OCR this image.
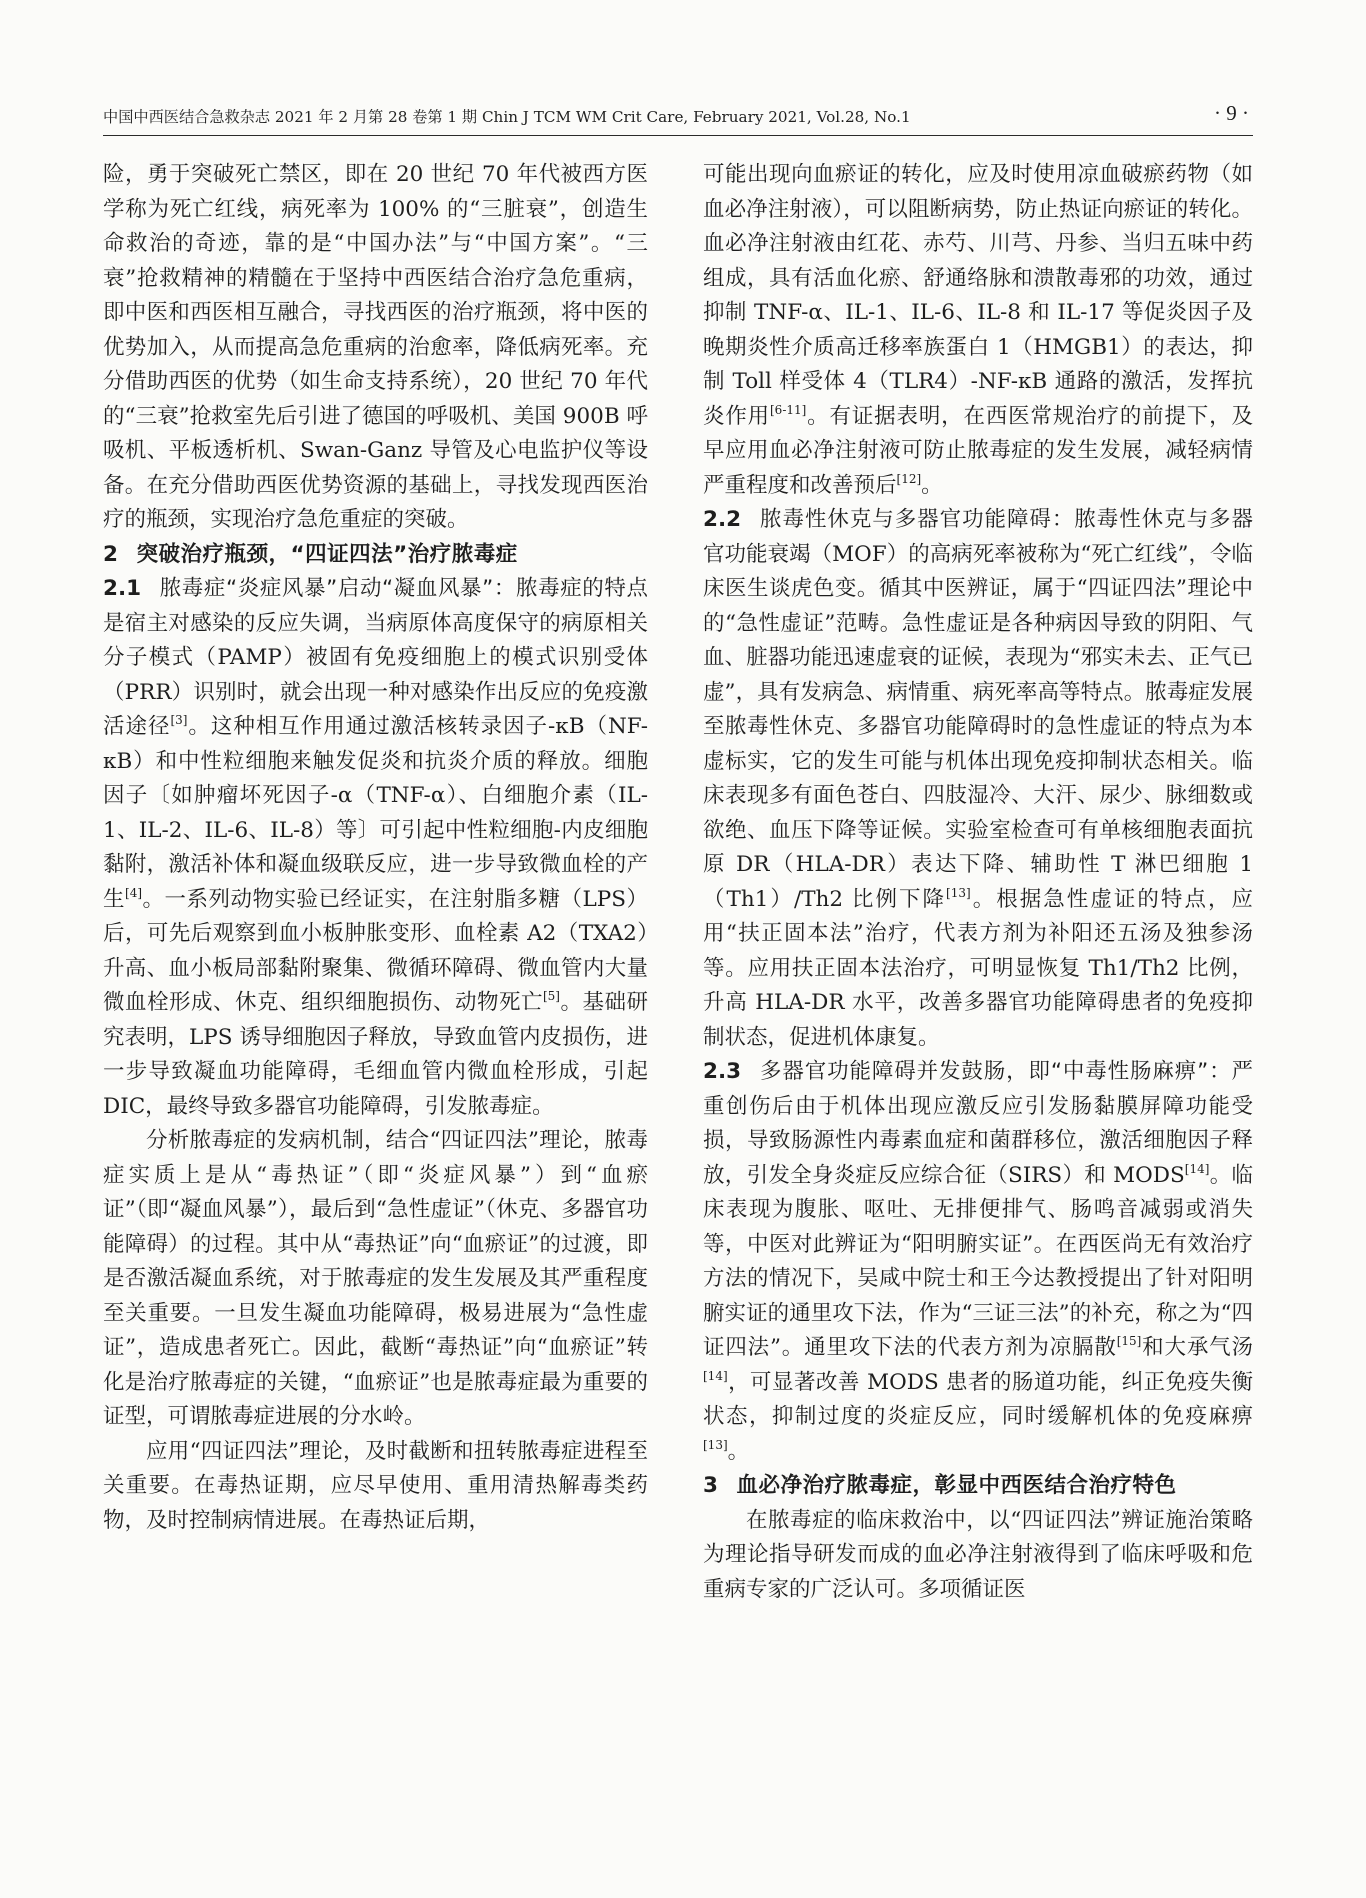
中国中西医结合急救杂志 2021 年 2 月第 28 卷第 1 期 Chin J TCM WM Crit Care, February 2021, Vol.28, No.1	· 9 ·

险，勇于突破死亡禁区，即在 20 世纪 70 年代被西方医学称为死亡红线，病死率为 100% 的“三脏衰”，创造生命救治的奇迹，靠的是“中国办法”与“中国方案”。“三衰”抢救精神的精髓在于坚持中西医结合治疗急危重病，即中医和西医相互融合，寻找西医的治疗瓶颈，将中医的优势加入，从而提高急危重病的治愈率，降低病死率。充分借助西医的优势（如生命支持系统），20 世纪 70 年代的“三衰”抢救室先后引进了德国的呼吸机、美国 900B 呼吸机、平板透析机、Swan-Ganz 导管及心电监护仪等设备。在充分借助西医优势资源的基础上，寻找发现西医治疗的瓶颈，实现治疗急危重症的突破。

2 突破治疗瓶颈，“四证四法”治疗脓毒症

2.1 脓毒症“炎症风暴”启动“凝血风暴”：脓毒症的特点是宿主对感染的反应失调，当病原体高度保守的病原相关分子模式（PAMP）被固有免疫细胞上的模式识别受体（PRR）识别时，就会出现一种对感染作出反应的免疫激活途径[3]。这种相互作用通过激活核转录因子-κB（NF-κB）和中性粒细胞来触发促炎和抗炎介质的释放。细胞因子〔如肿瘤坏死因子-α（TNF-α）、白细胞介素（IL-1、IL-2、IL-6、IL-8）等〕可引起中性粒细胞-内皮细胞黏附，激活补体和凝血级联反应，进一步导致微血栓的产生[4]。一系列动物实验已经证实，在注射脂多糖（LPS）后，可先后观察到血小板肿胀变形、血栓素 A2（TXA2）升高、血小板局部黏附聚集、微循环障碍、微血管内大量微血栓形成、休克、组织细胞损伤、动物死亡[5]。基础研究表明，LPS 诱导细胞因子释放，导致血管内皮损伤，进一步导致凝血功能障碍，毛细血管内微血栓形成，引起 DIC，最终导致多器官功能障碍，引发脓毒症。

分析脓毒症的发病机制，结合“四证四法”理论，脓毒症实质上是从“毒热证”（即“炎症风暴”）到“血瘀证”（即“凝血风暴”），最后到“急性虚证”（休克、多器官功能障碍）的过程。其中从“毒热证”向“血瘀证”的过渡，即是否激活凝血系统，对于脓毒症的发生发展及其严重程度至关重要。一旦发生凝血功能障碍，极易进展为“急性虚证”，造成患者死亡。因此，截断“毒热证”向“血瘀证”转化是治疗脓毒症的关键，“血瘀证”也是脓毒症最为重要的证型，可谓脓毒症进展的分水岭。

应用“四证四法”理论，及时截断和扭转脓毒症进程至关重要。在毒热证期，应尽早使用、重用清热解毒类药物，及时控制病情进展。在毒热证后期，

可能出现向血瘀证的转化，应及时使用凉血破瘀药物（如血必净注射液），可以阻断病势，防止热证向瘀证的转化。血必净注射液由红花、赤芍、川芎、丹参、当归五味中药组成，具有活血化瘀、舒通络脉和溃散毒邪的功效，通过抑制 TNF-α、IL-1、IL-6、IL-8 和 IL-17 等促炎因子及晚期炎性介质高迁移率族蛋白 1（HMGB1）的表达，抑制 Toll 样受体 4（TLR4）-NF-κB 通路的激活，发挥抗炎作用[6-11]。有证据表明，在西医常规治疗的前提下，及早应用血必净注射液可防止脓毒症的发生发展，减轻病情严重程度和改善预后[12]。

2.2 脓毒性休克与多器官功能障碍：脓毒性休克与多器官功能衰竭（MOF）的高病死率被称为“死亡红线”，令临床医生谈虎色变。循其中医辨证，属于“四证四法”理论中的“急性虚证”范畴。急性虚证是各种病因导致的阴阳、气血、脏器功能迅速虚衰的证候，表现为“邪实未去、正气已虚”，具有发病急、病情重、病死率高等特点。脓毒症发展至脓毒性休克、多器官功能障碍时的急性虚证的特点为本虚标实，它的发生可能与机体出现免疫抑制状态相关。临床表现多有面色苍白、四肢湿冷、大汗、尿少、脉细数或欲绝、血压下降等证候。实验室检查可有单核细胞表面抗原 DR（HLA-DR）表达下降、辅助性 T 淋巴细胞 1（Th1）/Th2 比例下降[13]。根据急性虚证的特点，应用“扶正固本法”治疗，代表方剂为补阳还五汤及独参汤等。应用扶正固本法治疗，可明显恢复 Th1/Th2 比例，升高 HLA-DR 水平，改善多器官功能障碍患者的免疫抑制状态，促进机体康复。

2.3 多器官功能障碍并发鼓肠，即“中毒性肠麻痹”：严重创伤后由于机体出现应激反应引发肠黏膜屏障功能受损，导致肠源性内毒素血症和菌群移位，激活细胞因子释放，引发全身炎症反应综合征（SIRS）和 MODS[14]。临床表现为腹胀、呕吐、无排便排气、肠鸣音减弱或消失等，中医对此辨证为“阳明腑实证”。在西医尚无有效治疗方法的情况下，吴咸中院士和王今达教授提出了针对阳明腑实证的通里攻下法，作为“三证三法”的补充，称之为“四证四法”。通里攻下法的代表方剂为凉膈散[15]和大承气汤[14]，可显著改善 MODS 患者的肠道功能，纠正免疫失衡状态，抑制过度的炎症反应，同时缓解机体的免疫麻痹[13]。

3 血必净治疗脓毒症，彰显中西医结合治疗特色

在脓毒症的临床救治中，以“四证四法”辨证施治策略为理论指导研发而成的血必净注射液得到了临床呼吸和危重病专家的广泛认可。多项循证医
